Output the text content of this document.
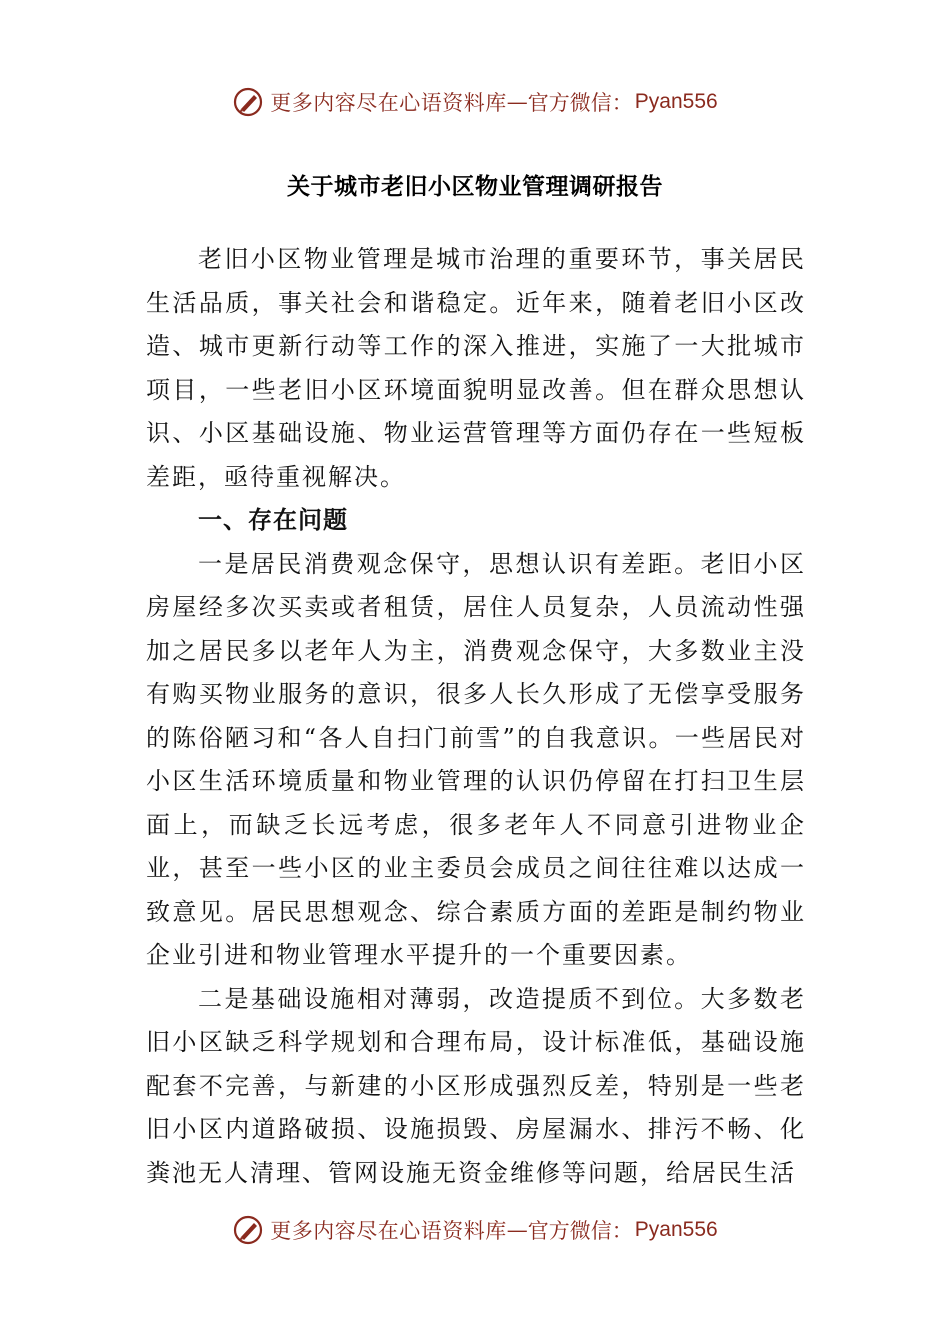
更多内容尽在心语资料库 — 官方微信： Pyan556
关于城市老旧小区物业管理调研报告

老旧小区物业管理是城市治理的重要环节，事关居民生活品质，事关社会和谐稳定。近年来，随着老旧小区改造、城市更新行动等工作的深入推进，实施了一大批城市项目，一些老旧小区环境面貌明显改善。但在群众思想认识、小区基础设施、物业运营管理等方面仍存在一些短板差距，亟待重视解决。

一、存在问题

一是居民消费观念保守，思想认识有差距。老旧小区房屋经多次买卖或者租赁，居住人员复杂，人员流动性强加之居民多以老年人为主，消费观念保守，大多数业主没有购买物业服务的意识，很多人长久形成了无偿享受服务的陈俗陋习和“各人自扫门前雪”的自我意识。一些居民对小区生活环境质量和物业管理的认识仍停留在打扫卫生层面上，而缺乏长远考虑，很多老年人不同意引进物业企业，甚至一些小区的业主委员会成员之间往往难以达成一致意见。居民思想观念、综合素质方面的差距是制约物业企业引进和物业管理水平提升的一个重要因素。

二是基础设施相对薄弱，改造提质不到位。大多数老旧小区缺乏科学规划和合理布局，设计标准低，基础设施配套不完善，与新建的小区形成强烈反差，特别是一些老旧小区内道路破损、设施损毁、房屋漏水、排污不畅、化粪池无人清理、管网设施无资金维修等问题，给居民生活

更多内容尽在心语资料库 — 官方微信： Pyan556
